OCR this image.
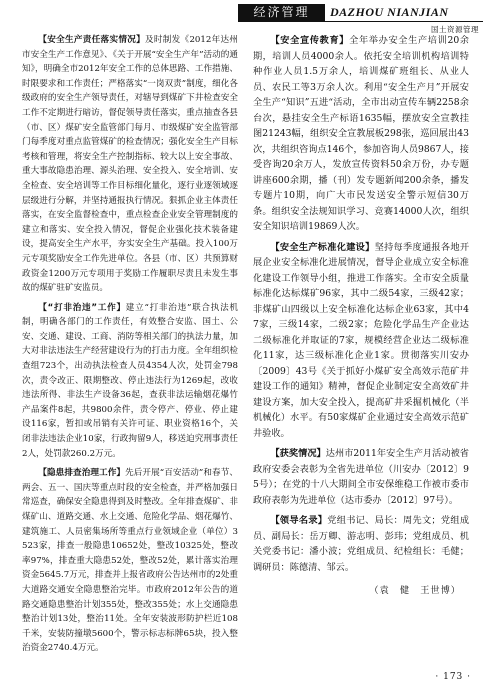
经济管理	DAZHOU NIANJIAN
国土资源管理

【安全生产责任落实情况】及时制发《2012年达州市安全生产工作意见》、《关于开展“安全生产年”活动的通知》，明确全市2012年安全工作的总体思路、工作措施、时限要求和工作责任；严格落实“一岗双责”制度，细化各级政府的安全生产领导责任，对辖导到煤矿下井检查安全工作不定期进行暗访，督促领导责任落实，重点抽查各县（市、区）煤矿安全监管部门每月、市级煤矿安全监管部门每季度对重点监管煤矿的检查情况；强化安全生产目标考核和管理，将安全生产控制指标、较大以上安全事故、重大事故隐患治理、源头治理、安全投入、安全培训、安全检查、安全培训等工作目标细化量化，逐行业逐领域逐层级进行分解，并坚持通报执行情况。狠抓企业主体责任落实，在安全监督检查中，重点检查企业安全管理制度的建立和落实、安全投入情况，督促企业强化技术装备建设，提高安全生产水平，夯实安全生产基础。投入100万元专项奖励安全工作先进单位。各县（市、区）共预算财政资金1200万元专项用于奖励工作履职尽责且未发生事故的煤矿驻矿安监员。

【“打非治违”工作】建立“打非治违”联合执法机制，明确各部门的工作责任，有效整合安监、国土、公安、交通、建设、工商、消防等相关部门的执法力量，加大对非法违法生产经营建设行为的打击力度。全年组织检查组723个，出动执法检查人员4354人次，处罚金798次，责令改正、限期整改、停止违法行为1269起，改收违法所得、非法生产设备36起，查获非法运输烟花爆竹产品案件8起，共9800余件，责令停产、停业、停止建设116家，暂扣或吊销有关许可证、职业资格16个，关闭非法违法企业10家，行政拘留9人，移送迫究刑事责任2人，处罚款260.2万元。

【隐患排查治理工作】先后开展“百安活动”和春节、两会、五一、国庆等重点时段的安全检查，并严格加强日常巡查，确保安全隐患得到及时整改。全年排查煤矿、非煤矿山、道路交通、水上交通、危险化学品、烟花爆竹、建筑施工、人员密集场所等重点行业领域企业（单位）3523家，排查一般隐患10652处，整改10325处，整改率97%，排查重大隐患52处，整改52处，累计落实治理资金5645.7万元，排查并上报省政府公告达州市的2处重大道路交通安全隐患整治完毕。市政府2012年公告的道路交通隐患整治计划355处，整改355处；水上交通隐患整治计划13处，整治11处。全年安装波形防护栏近108千米，安装防撞墩5600个，警示标志标牌65块，投入整治资金2740.4万元。

【安全宣传教育】全年举办安全生产培训20余期，培训人员4000余人。依托安全培训机构培训特种作业人员1.5万余人，培训煤矿班组长、从业人员、农民工等3万余人次。利用“安全生产月”开展安全生产“知识”五进“活动，全市出动宣传车辆2258余台次，悬挂安全生产标语1635幅，摆放安全宣教挂图21243幅，组织安全宣教展板298张，巡回展出43次，共组织咨询点146个，参加咨询人员9867人，接受咨询20余万人，发放宣传资料50余万份，办专题讲座600余期，播（刊）发专题新闻200余条，播发专题片10期，向广大市民发送安全警示短信30万条。组织安全法规知识学习、竞赛14000人次，组织安全知识培训19869人次。

【安全生产标准化建设】坚持每季度通报各地开展企业安全标准化进展情况，督导企业成立安全标准化建设工作领导小组，推进工作落实。全市安全质量标准化达标煤矿96家，其中二级54家，三级42家；非煤矿山四级以上安全标准化达标企业63家，其中47家，三级14家，二级2家；危险化学品生产企业达二级标准化并取证的7家，规模经营企业达二级标准化11家，达三级标准化企业1家。贯彻落实川安办〔2009〕43号《关于抓好小煤矿安全高效示范矿井建设工作的通知》精神，督促企业制定安全高效矿井建设方案，加大安全投入，提高矿井采掘机械化（半机械化）水平。有50家煤矿企业通过安全高效示范矿井验收。

【获奖情况】达州市2011年安全生产月活动被省政府安委会表彰为全省先进单位（川安办〔2012〕95号）；在党的十八大期间全市安保维稳工作被市委市政府表彰为先进单位（达市委办〔2012〕97号）。

【领导名录】党组书记、局长：周先文；党组成员、副局长：岳万卿、游志明、彭玮；党组成员、机关党委书记：潘小波；党组成员、纪检组长：毛健；调研员：陈德清、邹云。

（袁　健　王世博）
· 173 ·
